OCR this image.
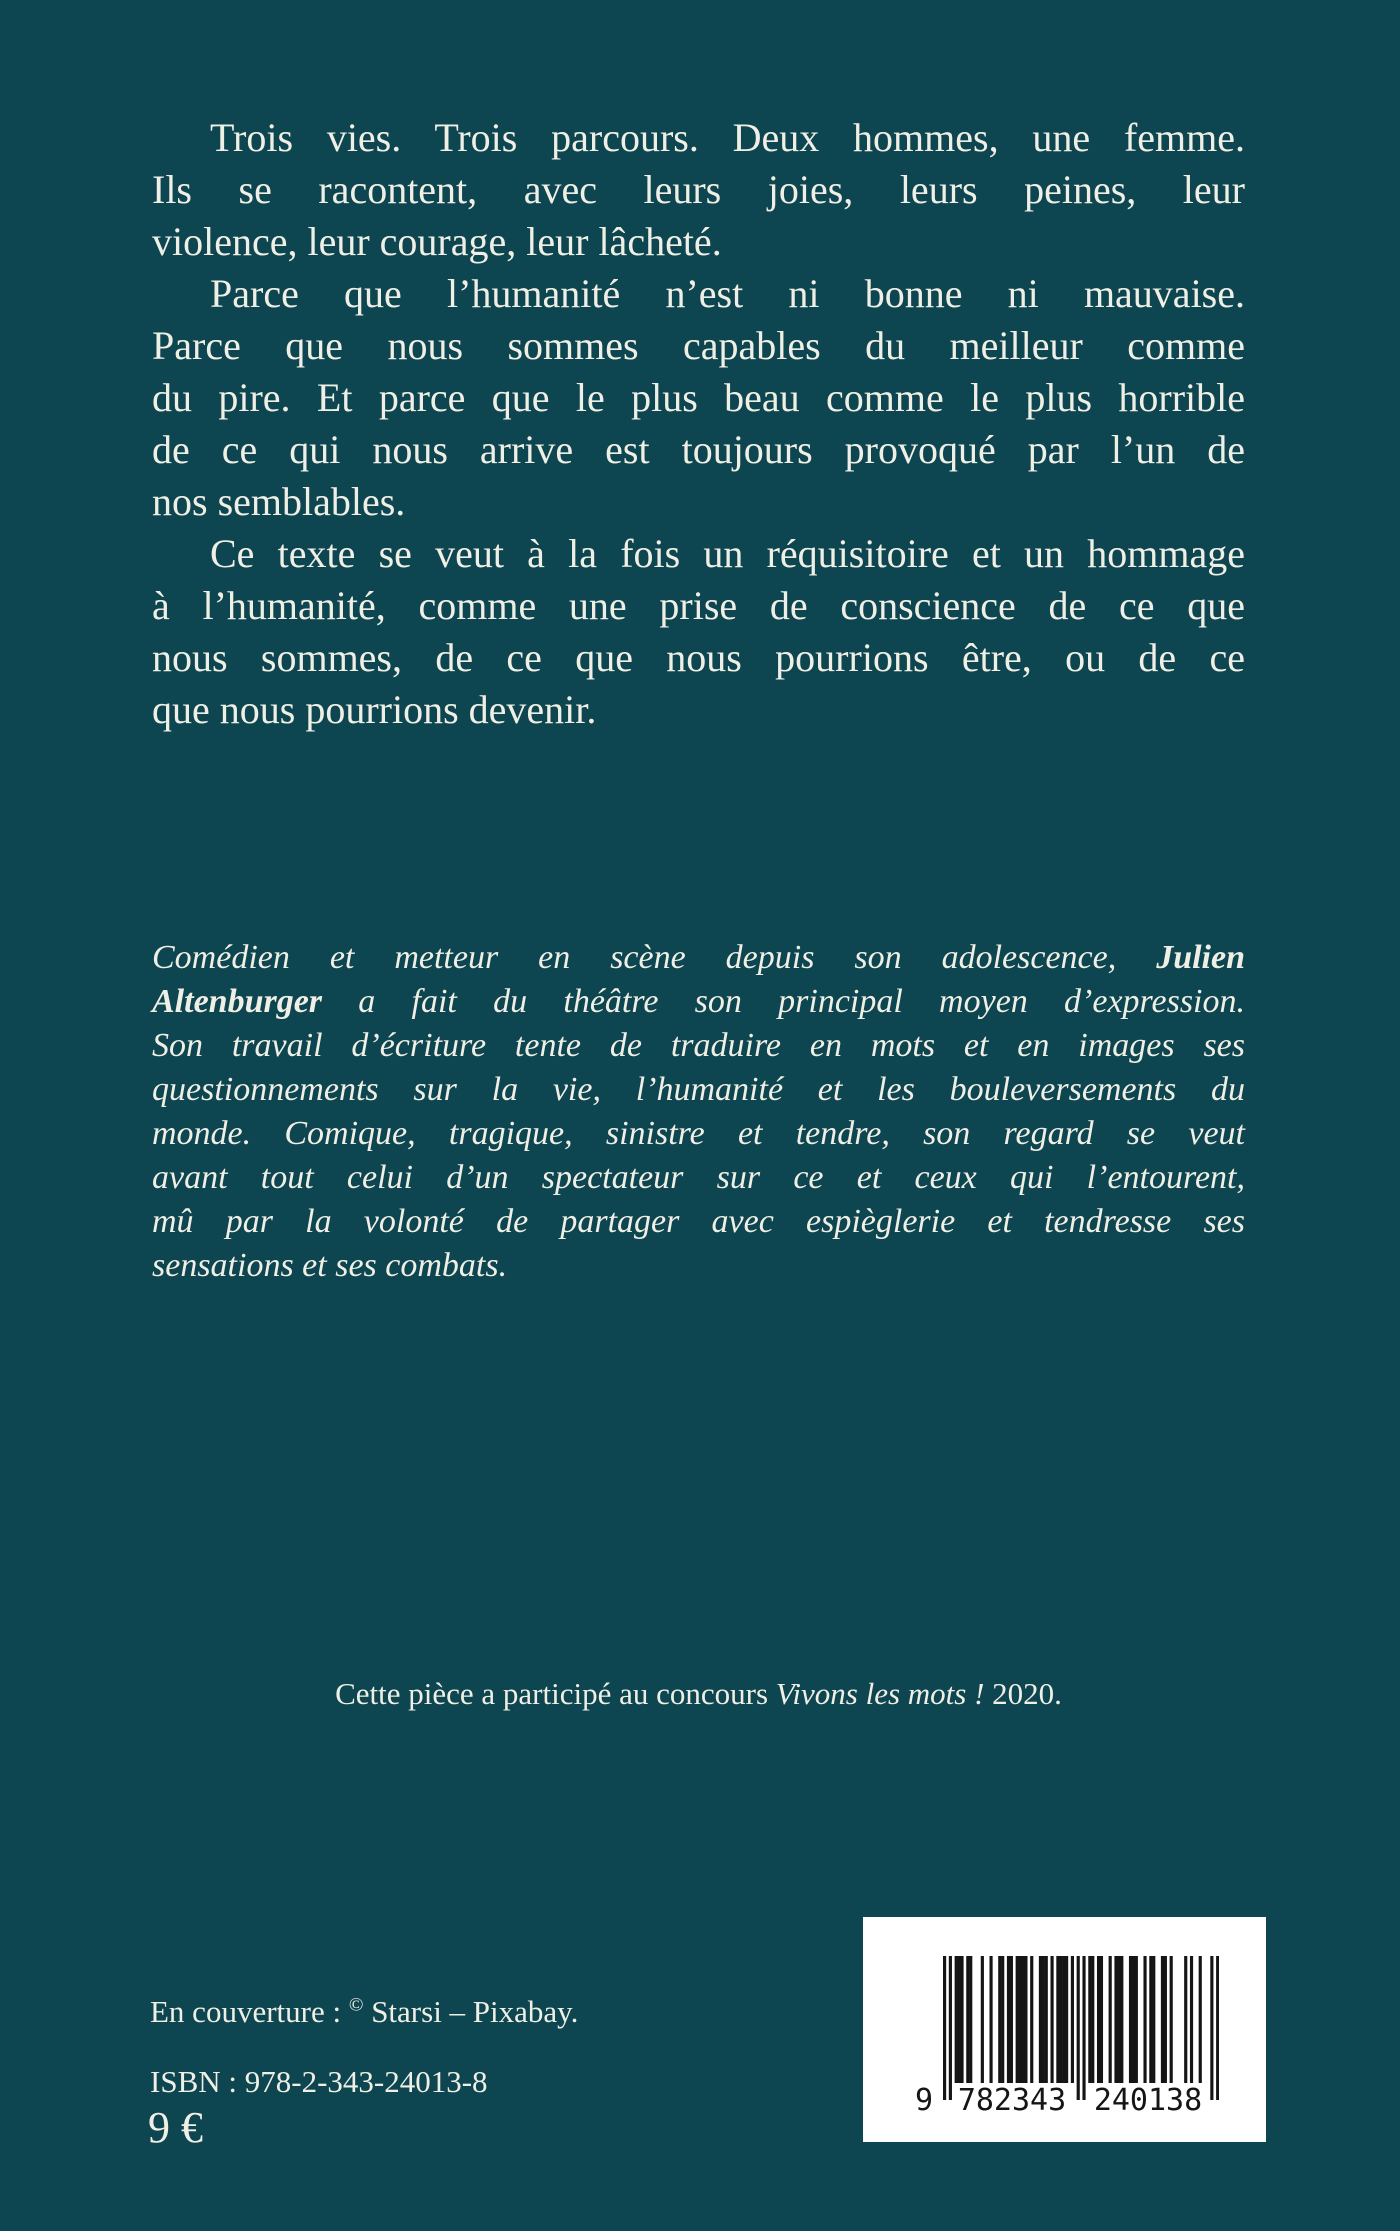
Trois vies. Trois parcours. Deux hommes, une femme.
Ils se racontent, avec leurs joies, leurs peines, leur
violence, leur courage, leur lâcheté.
Parce que l’humanité n’est ni bonne ni mauvaise.
Parce que nous sommes capables du meilleur comme
du pire. Et parce que le plus beau comme le plus horrible
de ce qui nous arrive est toujours provoqué par l’un de
nos semblables.
Ce texte se veut à la fois un réquisitoire et un hommage
à l’humanité, comme une prise de conscience de ce que
nous sommes, de ce que nous pourrions être, ou de ce
que nous pourrions devenir.
Comédien et metteur en scène depuis son adolescence, Julien
Altenburger a fait du théâtre son principal moyen d’expression.
Son travail d’écriture tente de traduire en mots et en images ses
questionnements sur la vie, l’humanité et les bouleversements du
monde. Comique, tragique, sinistre et tendre, son regard se veut
avant tout celui d’un spectateur sur ce et ceux qui l’entourent,
mû par la volonté de partager avec espièglerie et tendresse ses
sensations et ses combats.
Cette pièce a participé au concours Vivons les mots ! 2020.
En couverture : © Starsi – Pixabay.
ISBN : 978-2-343-24013-8
9 €
9 782343 240138
